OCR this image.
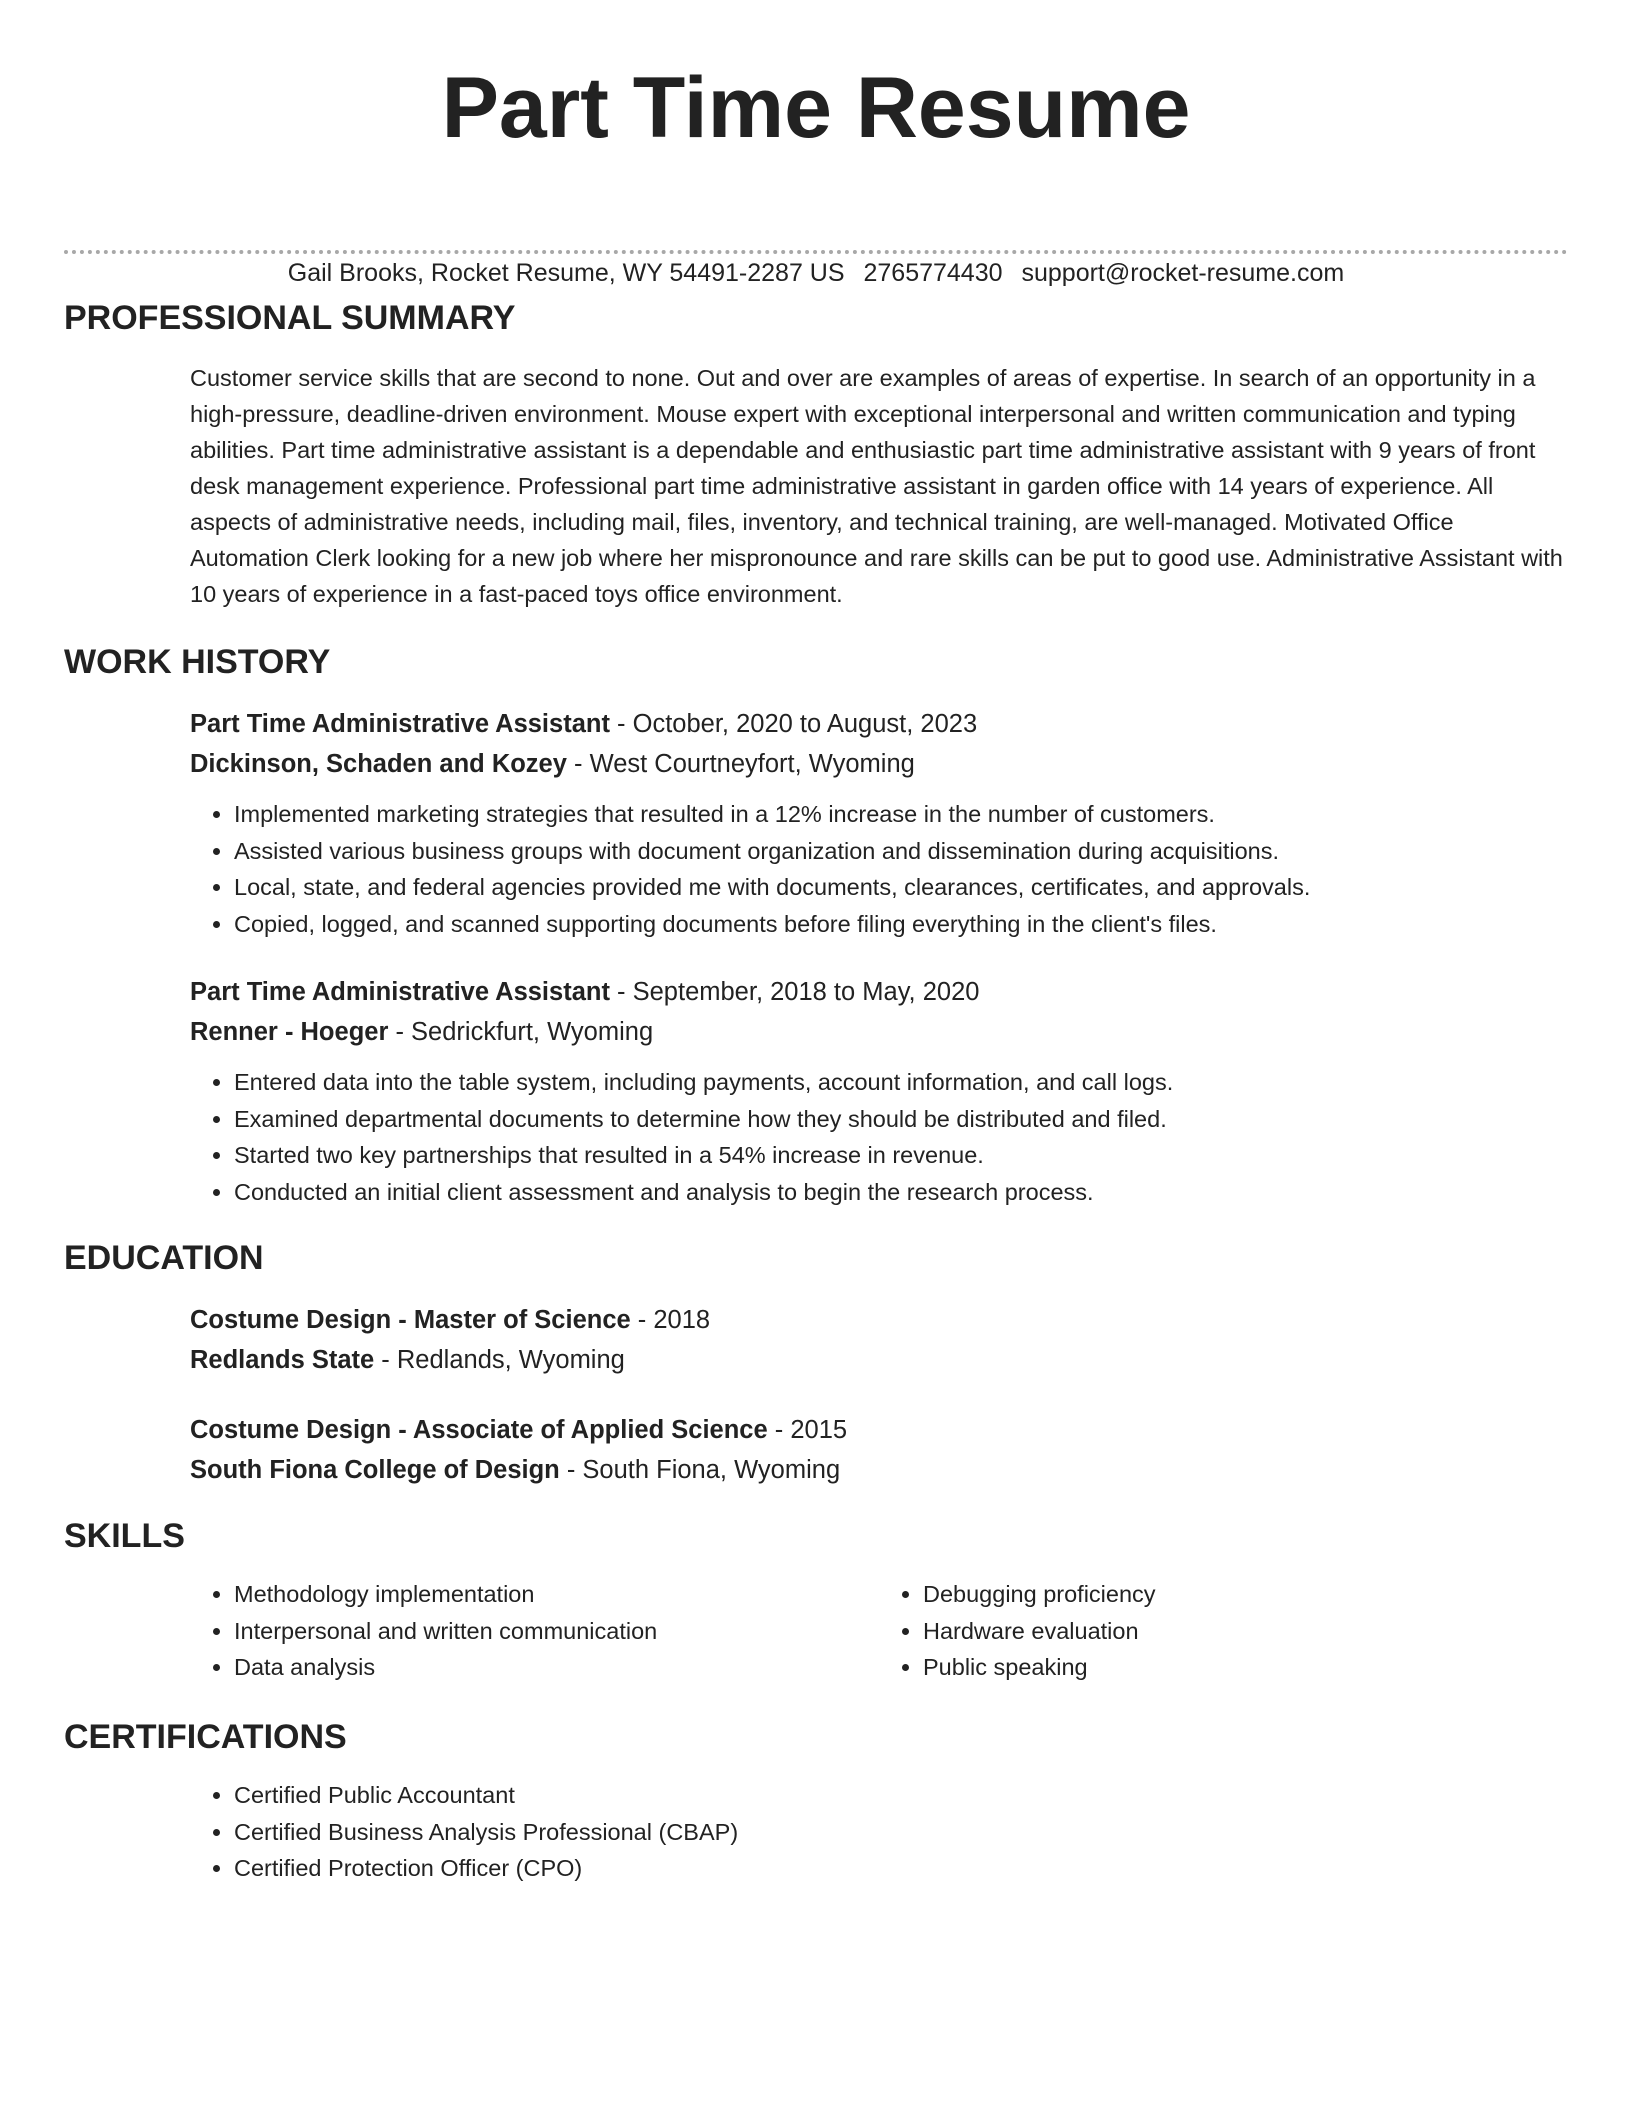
Part Time Resume
Gail Brooks, Rocket Resume, WY 54491-2287 US 2765774430 support@rocket-resume.com
PROFESSIONAL SUMMARY

Customer service skills that are second to none. Out and over are examples of areas of expertise. In search of an opportunity in a high-pressure, deadline-driven environment. Mouse expert with exceptional interpersonal and written communication and typing abilities. Part time administrative assistant is a dependable and enthusiastic part time administrative assistant with 9 years of front desk management experience. Professional part time administrative assistant in garden office with 14 years of experience. All aspects of administrative needs, including mail, files, inventory, and technical training, are well-managed. Motivated Office Automation Clerk looking for a new job where her mispronounce and rare skills can be put to good use. Administrative Assistant with 10 years of experience in a fast-paced toys office environment.

WORK HISTORY

Part Time Administrative Assistant - October, 2020 to August, 2023

Dickinson, Schaden and Kozey - West Courtneyfort, Wyoming

• Implemented marketing strategies that resulted in a 12% increase in the number of customers.
• Assisted various business groups with document organization and dissemination during acquisitions.
• Local, state, and federal agencies provided me with documents, clearances, certificates, and approvals.
• Copied, logged, and scanned supporting documents before filing everything in the client's files.

Part Time Administrative Assistant - September, 2018 to May, 2020

Renner - Hoeger - Sedrickfurt, Wyoming

• Entered data into the table system, including payments, account information, and call logs.
• Examined departmental documents to determine how they should be distributed and filed.
• Started two key partnerships that resulted in a 54% increase in revenue.
• Conducted an initial client assessment and analysis to begin the research process.
EDUCATION

Costume Design - Master of Science - 2018

Redlands State - Redlands, Wyoming

Costume Design - Associate of Applied Science - 2015

South Fiona College of Design - South Fiona, Wyoming

SKILLS
• Methodology implementation
• Interpersonal and written communication
• Data analysis
• Debugging proficiency
• Hardware evaluation
• Public speaking
CERTIFICATIONS
• Certified Public Accountant
• Certified Business Analysis Professional (CBAP)
• Certified Protection Officer (CPO)
